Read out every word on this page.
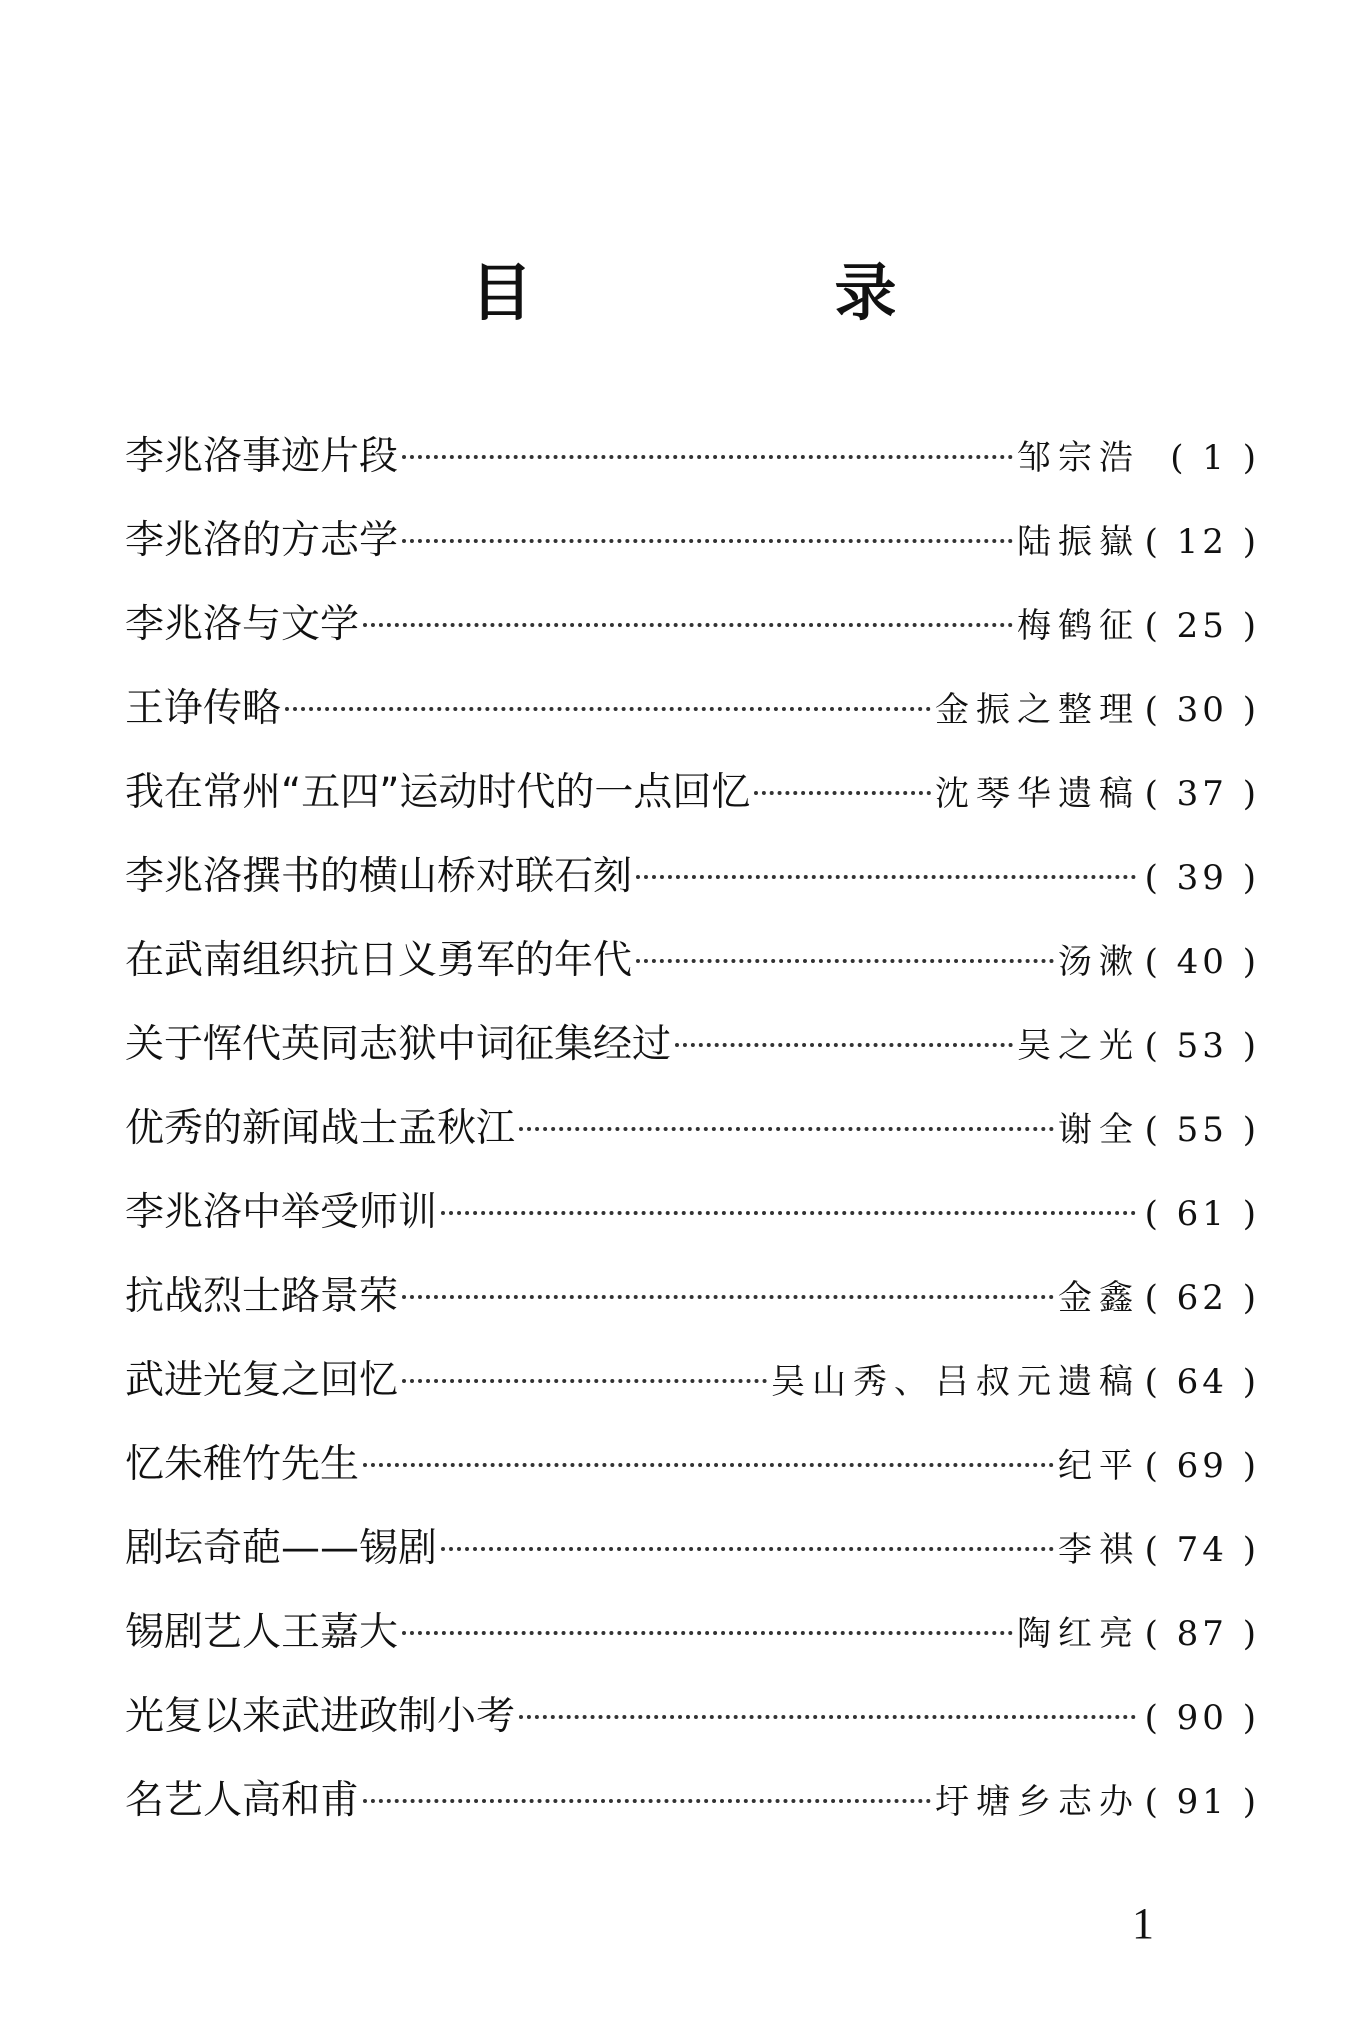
目　录
李兆洛事迹片段	邹宗浩 ( 1 )
李兆洛的方志学	陆振嶽 ( 12 )
李兆洛与文学	梅鹤征 ( 25 )
王诤传略	金振之整理 ( 30 )
我在常州“五四”运动时代的一点回忆	沈琴华遗稿 ( 37 )
李兆洛撰书的横山桥对联石刻	( 39 )
在武南组织抗日义勇军的年代	汤漱 ( 40 )
关于恽代英同志狱中词征集经过	吴之光 ( 53 )
优秀的新闻战士孟秋江	谢全 ( 55 )
李兆洛中举受师训	( 61 )
抗战烈士路景荣	金鑫 ( 62 )
武进光复之回忆	吴山秀、吕叔元遗稿 ( 64 )
忆朱稚竹先生	纪平 ( 69 )
剧坛奇葩——锡剧	李祺 ( 74 )
锡剧艺人王嘉大	陶红亮 ( 87 )
光复以来武进政制小考	( 90 )
名艺人高和甫	圩塘乡志办 ( 91 )
1
